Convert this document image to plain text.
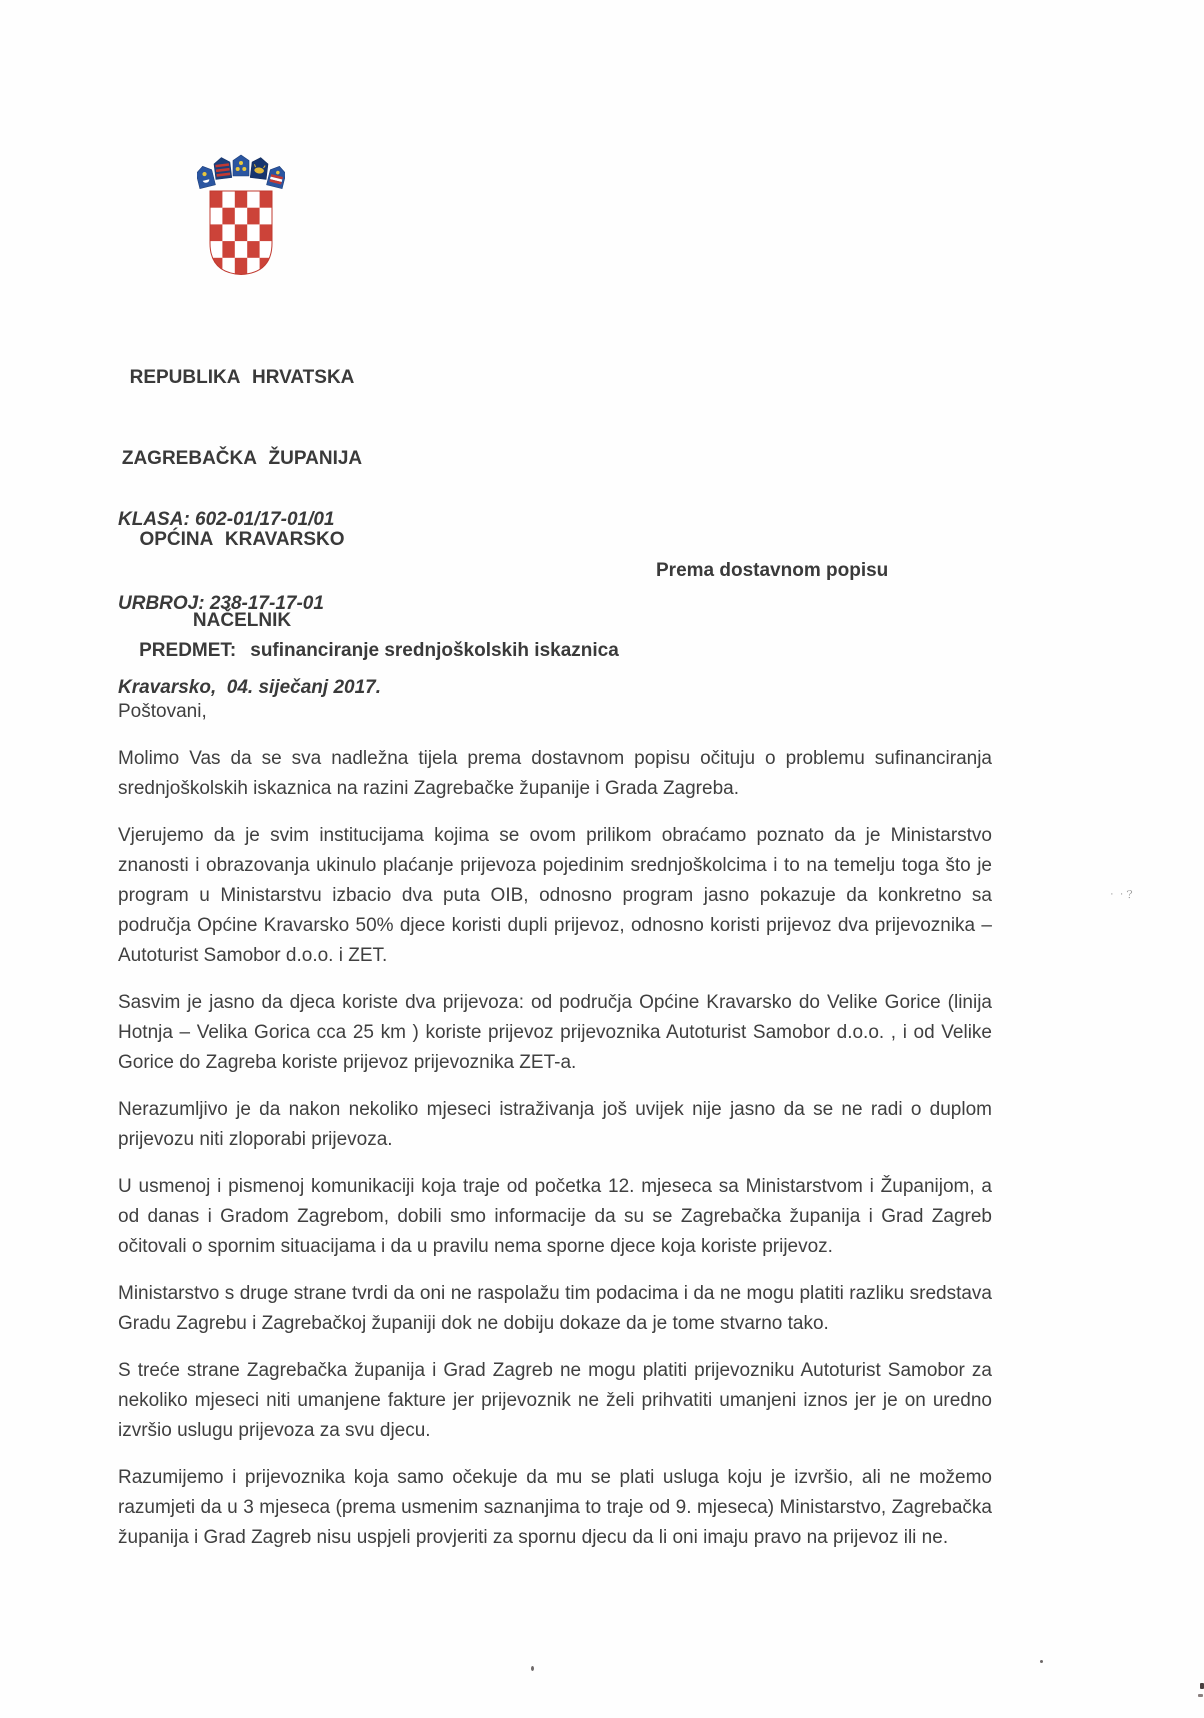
REPUBLIKA HRVATSKA

ZAGREBAČKA ŽUPANIJA

OPĆINA KRAVARSKO

NAČELNIK

KLASA: 602-01/17-01/01

URBROJ: 238-17-17-01

Kravarsko,  04. siječanj 2017.

Prema dostavnom popisu

PREDMET: sufinanciranje srednjoškolskih iskaznica

Poštovani,

Molimo Vas da se sva nadležna tijela prema dostavnom popisu očituju o problemu sufinanciranja srednjoškolskih iskaznica na razini Zagrebačke županije i Grada Zagreba.

Vjerujemo da je svim institucijama kojima se ovom prilikom obraćamo poznato da je Ministarstvo znanosti i obrazovanja ukinulo plaćanje prijevoza pojedinim srednjoškolcima i to na temelju toga što je program u Ministarstvu izbacio dva puta OIB, odnosno program jasno pokazuje da konkretno sa područja Općine Kravarsko 50% djece koristi dupli prijevoz, odnosno koristi prijevoz dva prijevoznika – Autoturist Samobor d.o.o. i ZET.

Sasvim je jasno da djeca koriste dva prijevoza: od područja Općine Kravarsko do Velike Gorice (linija Hotnja – Velika Gorica cca 25 km ) koriste prijevoz prijevoznika Autoturist Samobor d.o.o. , i od Velike Gorice do Zagreba koriste prijevoz prijevoznika ZET-a.

Nerazumljivo je da nakon nekoliko mjeseci istraživanja još uvijek nije jasno da se ne radi o duplom prijevozu niti zloporabi prijevoza.

U usmenoj i pismenoj komunikaciji koja traje od početka 12. mjeseca sa Ministarstvom i Županijom, a od danas i Gradom Zagrebom, dobili smo informacije da su se Zagrebačka županija i Grad Zagreb očitovali o spornim situacijama i da u pravilu nema sporne djece koja koriste prijevoz.

Ministarstvo s druge strane tvrdi da oni ne raspolažu tim podacima i da ne mogu platiti razliku sredstava Gradu Zagrebu i Zagrebačkoj županiji dok ne dobiju dokaze da je tome stvarno tako.

S treće strane Zagrebačka županija i Grad Zagreb ne mogu platiti prijevozniku Autoturist Samobor za nekoliko mjeseci niti umanjene fakture jer prijevoznik ne želi prihvatiti umanjeni iznos jer je on uredno izvršio uslugu prijevoza za svu djecu.

Razumijemo i prijevoznika koja samo očekuje da mu se plati usluga koju je izvršio, ali ne možemo razumjeti da u 3 mjeseca (prema usmenim saznanjima to traje od 9. mjeseca) Ministarstvo, Zagrebačka županija i Grad Zagreb nisu uspjeli provjeriti za spornu djecu da li oni imaju pravo na prijevoz ili ne.

·  ·﹖
